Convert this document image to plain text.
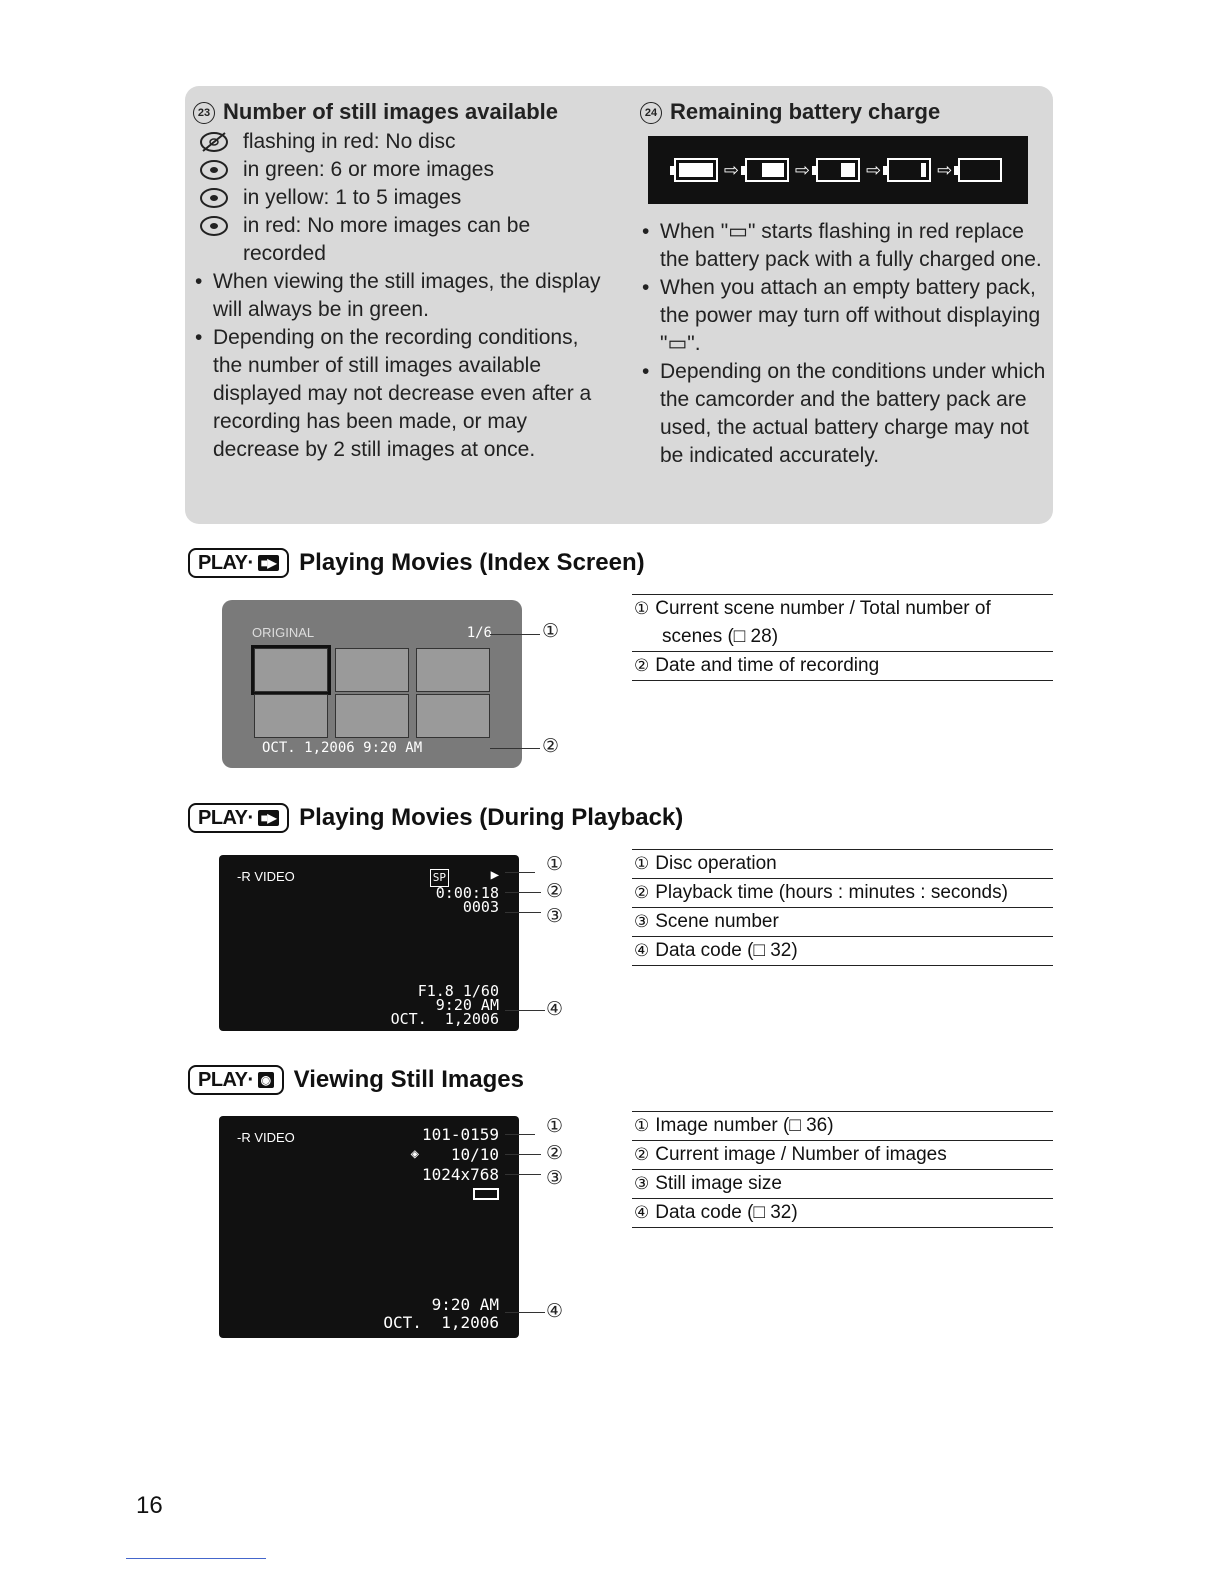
23 Number of still images available
flashing in red: No disc
in green: 6 or more images
in yellow: 1 to 5 images
in red: No more images can be recorded
• When viewing the still images, the display will always be in green.
• Depending on the recording conditions, the number of still images available displayed may not decrease even after a recording has been made, or may decrease by 2 still images at once.
24 Remaining battery charge
⇨	⇨	⇨	⇨
• When "▭" starts flashing in red replace the battery pack with a fully charged one.
• When you attach an empty battery pack, the power may turn off without displaying "▭".
• Depending on the conditions under which the camcorder and the battery pack are used, the actual battery charge may not be indicated accurately.
PLAY· ■▶ Playing Movies (Index Screen)
ORIGINAL	1/6
OCT. 1,2006 9:20 AM
①
②
① Current scene number / Total number of
scenes (□ 28)
② Date and time of recording
PLAY· ■▶ Playing Movies (During Playback)
-R VIDEO	SP	▶
0:00:18
0003
F1.8 1/60
9:20 AM
OCT.  1,2006
①
②
③
④
① Disc operation
② Playback time (hours : minutes : seconds)
③ Scene number
④ Data code (□ 32)
PLAY· ◉ Viewing Still Images
-R VIDEO	101-0159
10/10
◈
1024x768
9:20 AM
OCT.  1,2006
①
②
③
④
① Image number (□ 36)
② Current image / Number of images
③ Still image size
④ Data code (□ 32)
16
